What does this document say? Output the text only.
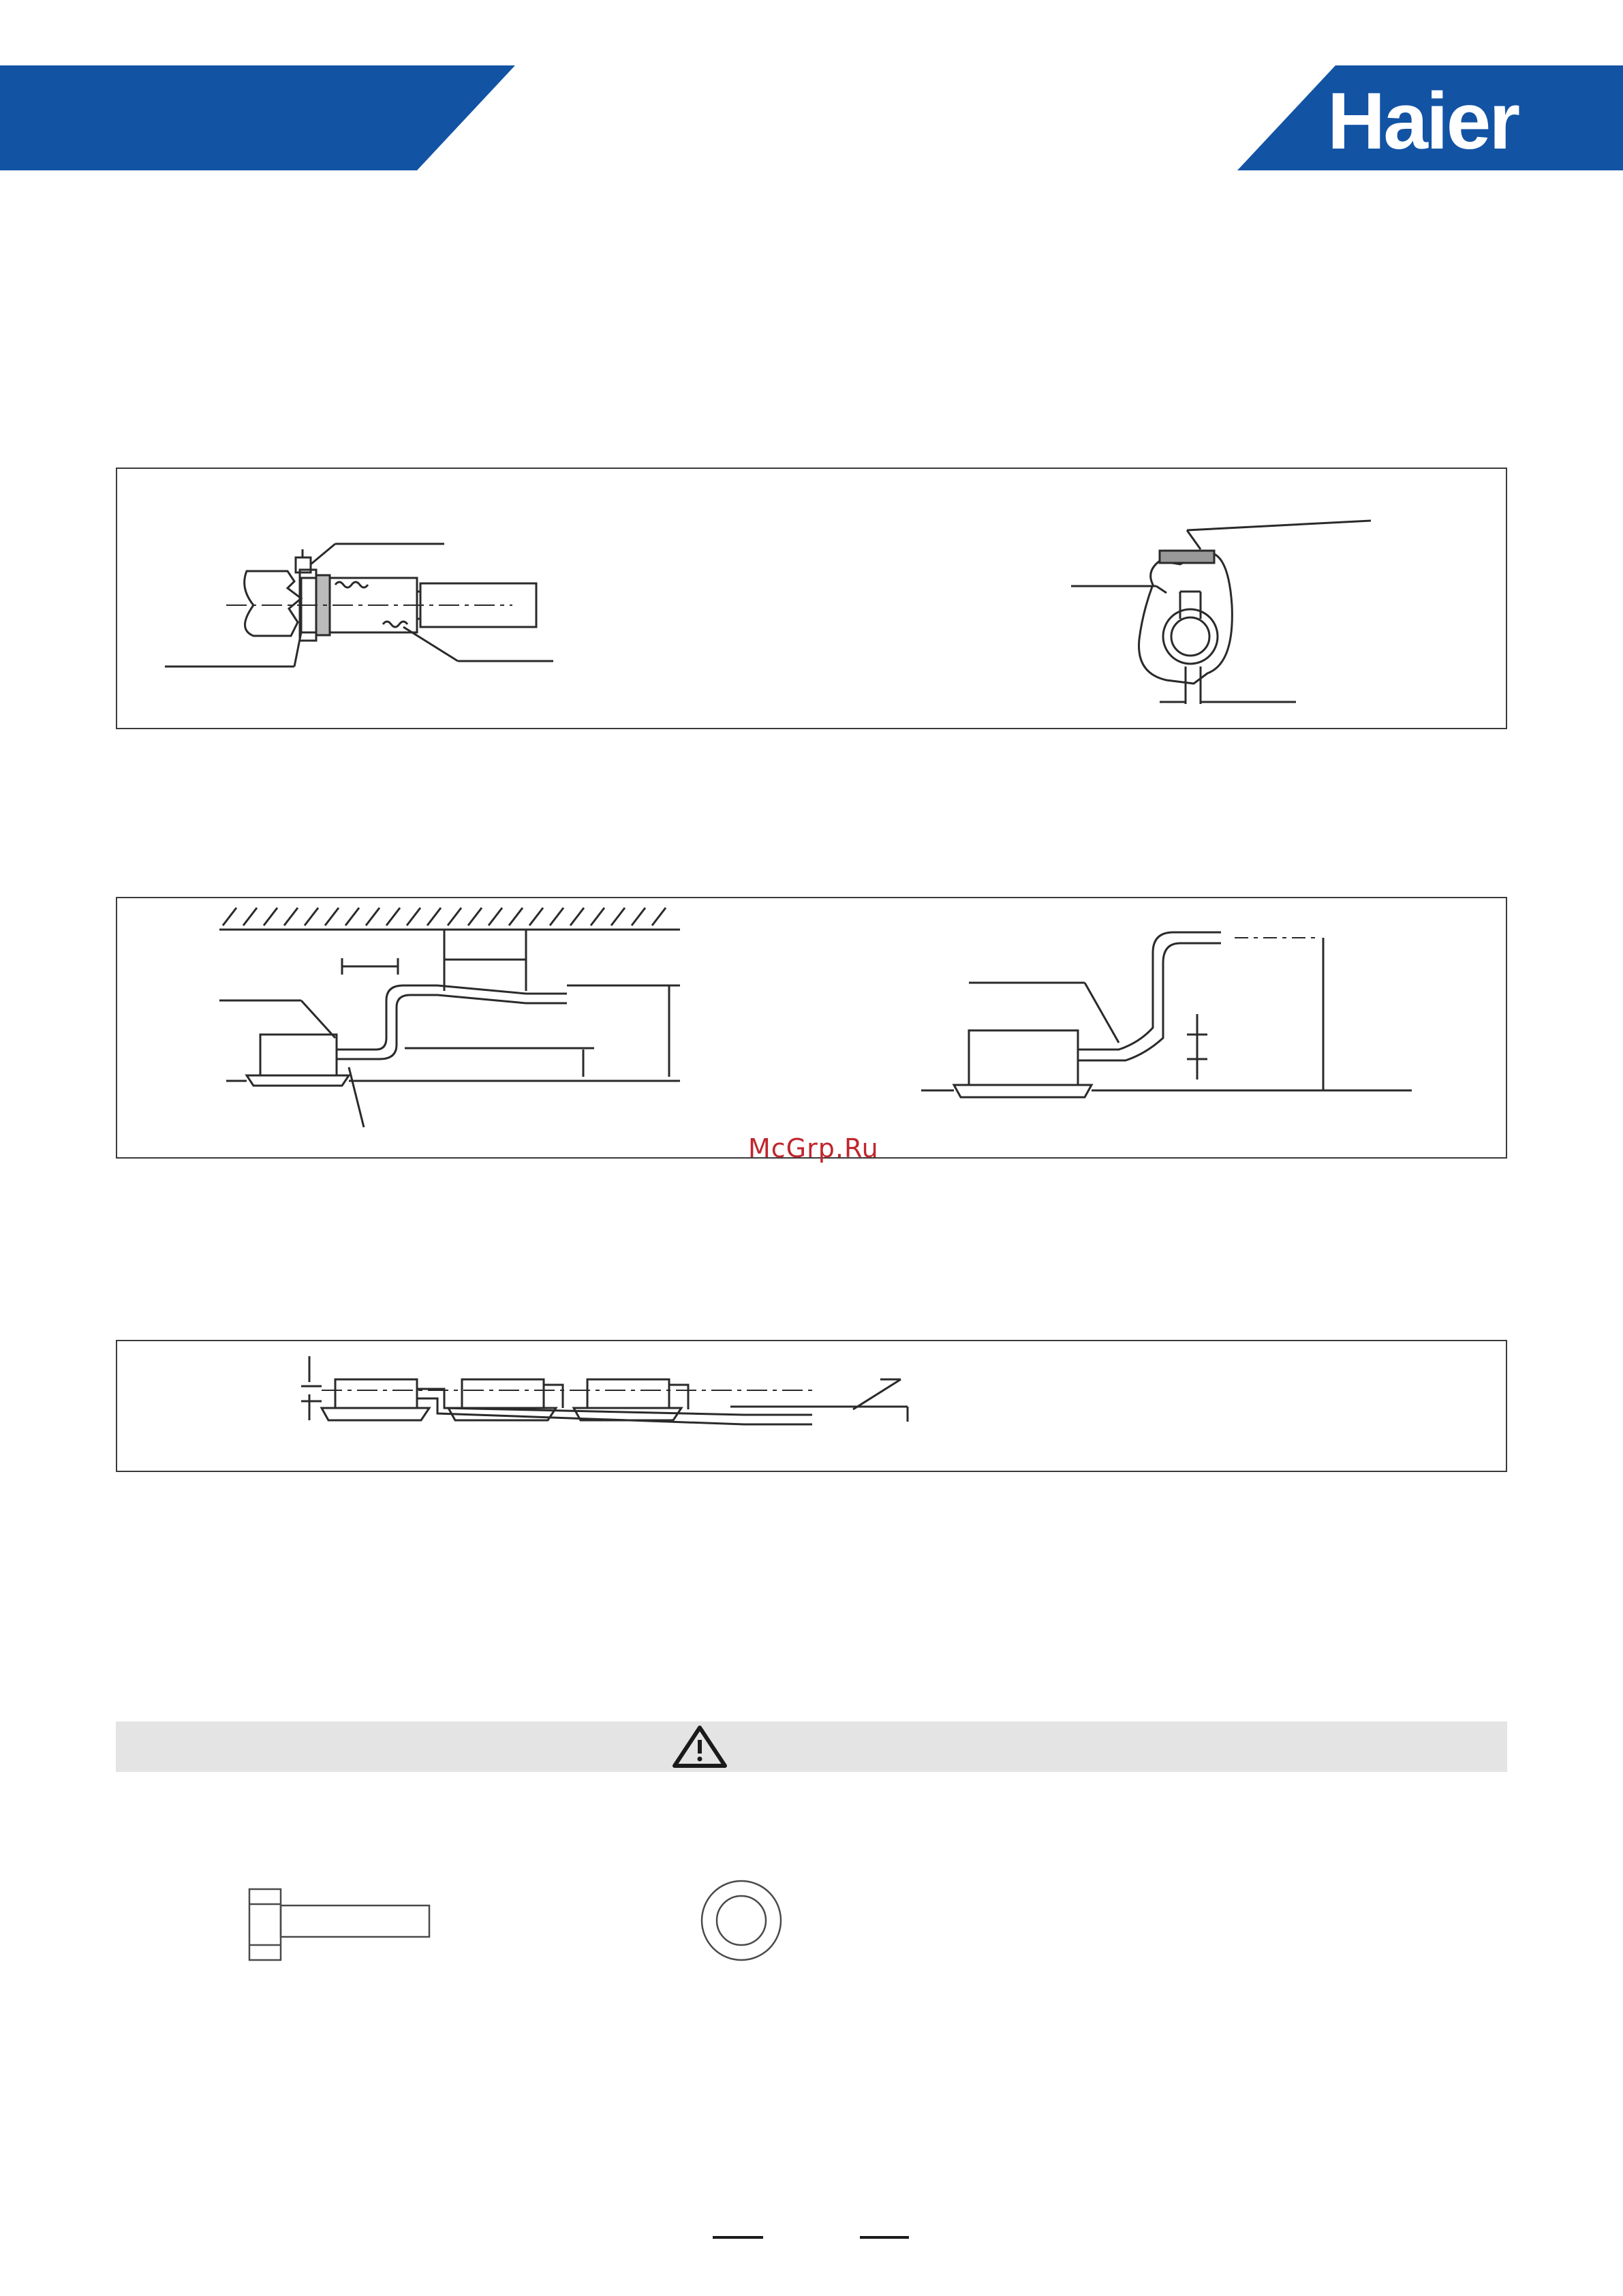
Haier
McGrp.Ru
